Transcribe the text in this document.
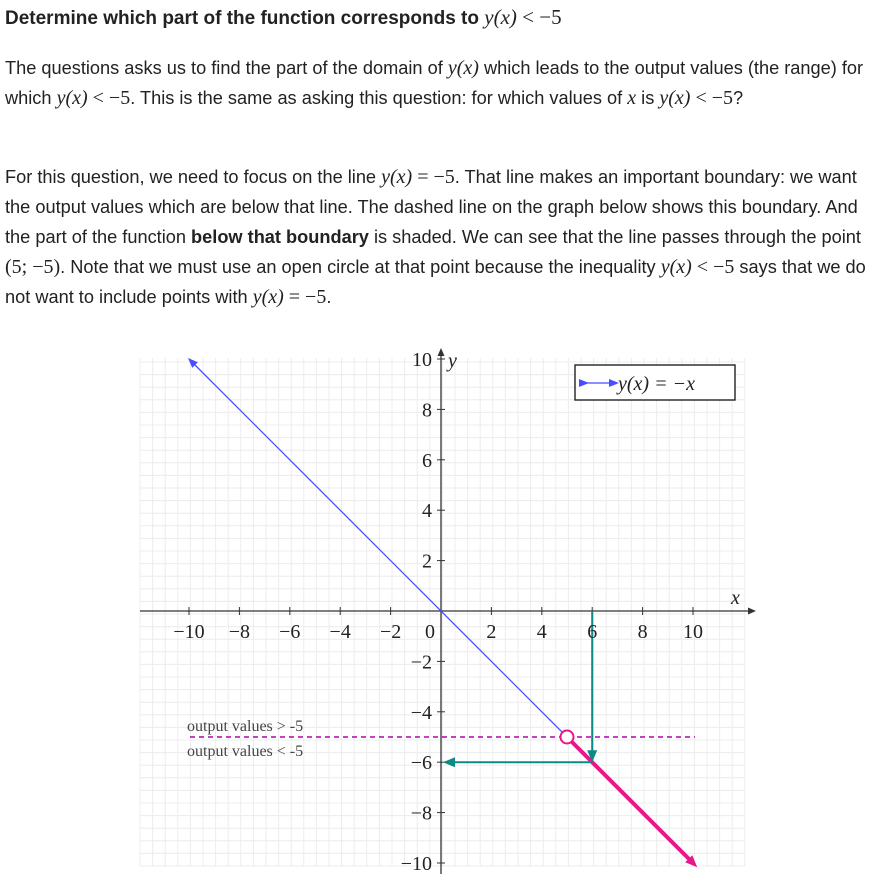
Determine which part of the function corresponds to y(x) < −5
The questions asks us to find the part of the domain of y(x) which leads to the output values (the range) for which y(x) < −5. This is the same as asking this question: for which values of x is y(x) < −5?
For this question, we need to focus on the line y(x) = −5. That line makes an important boundary: we want the output values which are below that line. The dashed line on the graph below shows this boundary. And the part of the function below that boundary is shaded. We can see that the line passes through the point (5; −5). Note that we must use an open circle at that point because the inequality y(x) < −5 says that we do not want to include points with y(x) = −5.
−10 −8 −6 −4 −2 0	2 4 6 8 10
10
8
6
4
2
−2
−4
−6
−8
−10
x
y
output values > -5
output values < -5
y(x) = −x
